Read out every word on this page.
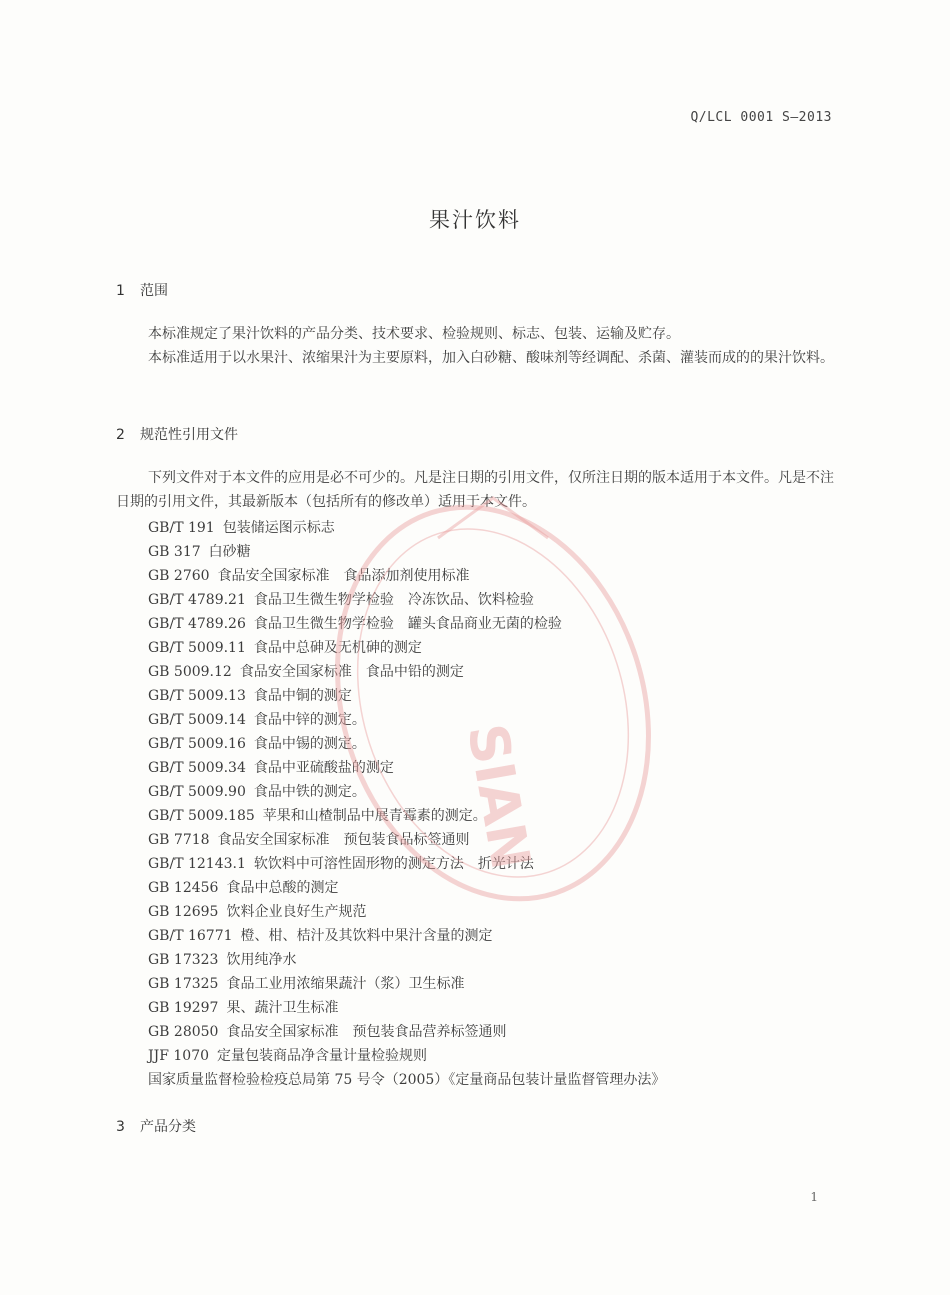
Q/LCL 0001 S—2013
果汁饮料
1 范围
本标准规定了果汁饮料的产品分类、技术要求、检验规则、标志、包装、运输及贮存。
本标准适用于以水果汁、浓缩果汁为主要原料，加入白砂糖、酸味剂等经调配、杀菌、灌装而成的的果汁饮料。
2 规范性引用文件
下列文件对于本文件的应用是必不可少的。凡是注日期的引用文件，仅所注日期的版本适用于本文件。凡是不注日期的引用文件，其最新版本（包括所有的修改单）适用于本文件。
GB/T 191 包装储运图示标志
GB 317 白砂糖
GB 2760 食品安全国家标准　食品添加剂使用标准
GB/T 4789.21 食品卫生微生物学检验　冷冻饮品、饮料检验
GB/T 4789.26 食品卫生微生物学检验　罐头食品商业无菌的检验
GB/T 5009.11 食品中总砷及无机砷的测定
GB 5009.12 食品安全国家标准　食品中铅的测定
GB/T 5009.13 食品中铜的测定
GB/T 5009.14 食品中锌的测定。
GB/T 5009.16 食品中锡的测定。
GB/T 5009.34 食品中亚硫酸盐的测定
GB/T 5009.90 食品中铁的测定。
GB/T 5009.185 苹果和山楂制品中展青霉素的测定。
GB 7718 食品安全国家标准　预包装食品标签通则
GB/T 12143.1 软饮料中可溶性固形物的测定方法　折光计法
GB 12456 食品中总酸的测定
GB 12695 饮料企业良好生产规范
GB/T 16771 橙、柑、桔汁及其饮料中果汁含量的测定
GB 17323 饮用纯净水
GB 17325 食品工业用浓缩果蔬汁（浆）卫生标准
GB 19297 果、蔬汁卫生标准
GB 28050 食品安全国家标准　预包装食品营养标签通则
JJF 1070 定量包装商品净含量计量检验规则
国家质量监督检验检疫总局第 75 号令（2005）《定量商品包装计量监督管理办法》
3 产品分类
1
SIAN
